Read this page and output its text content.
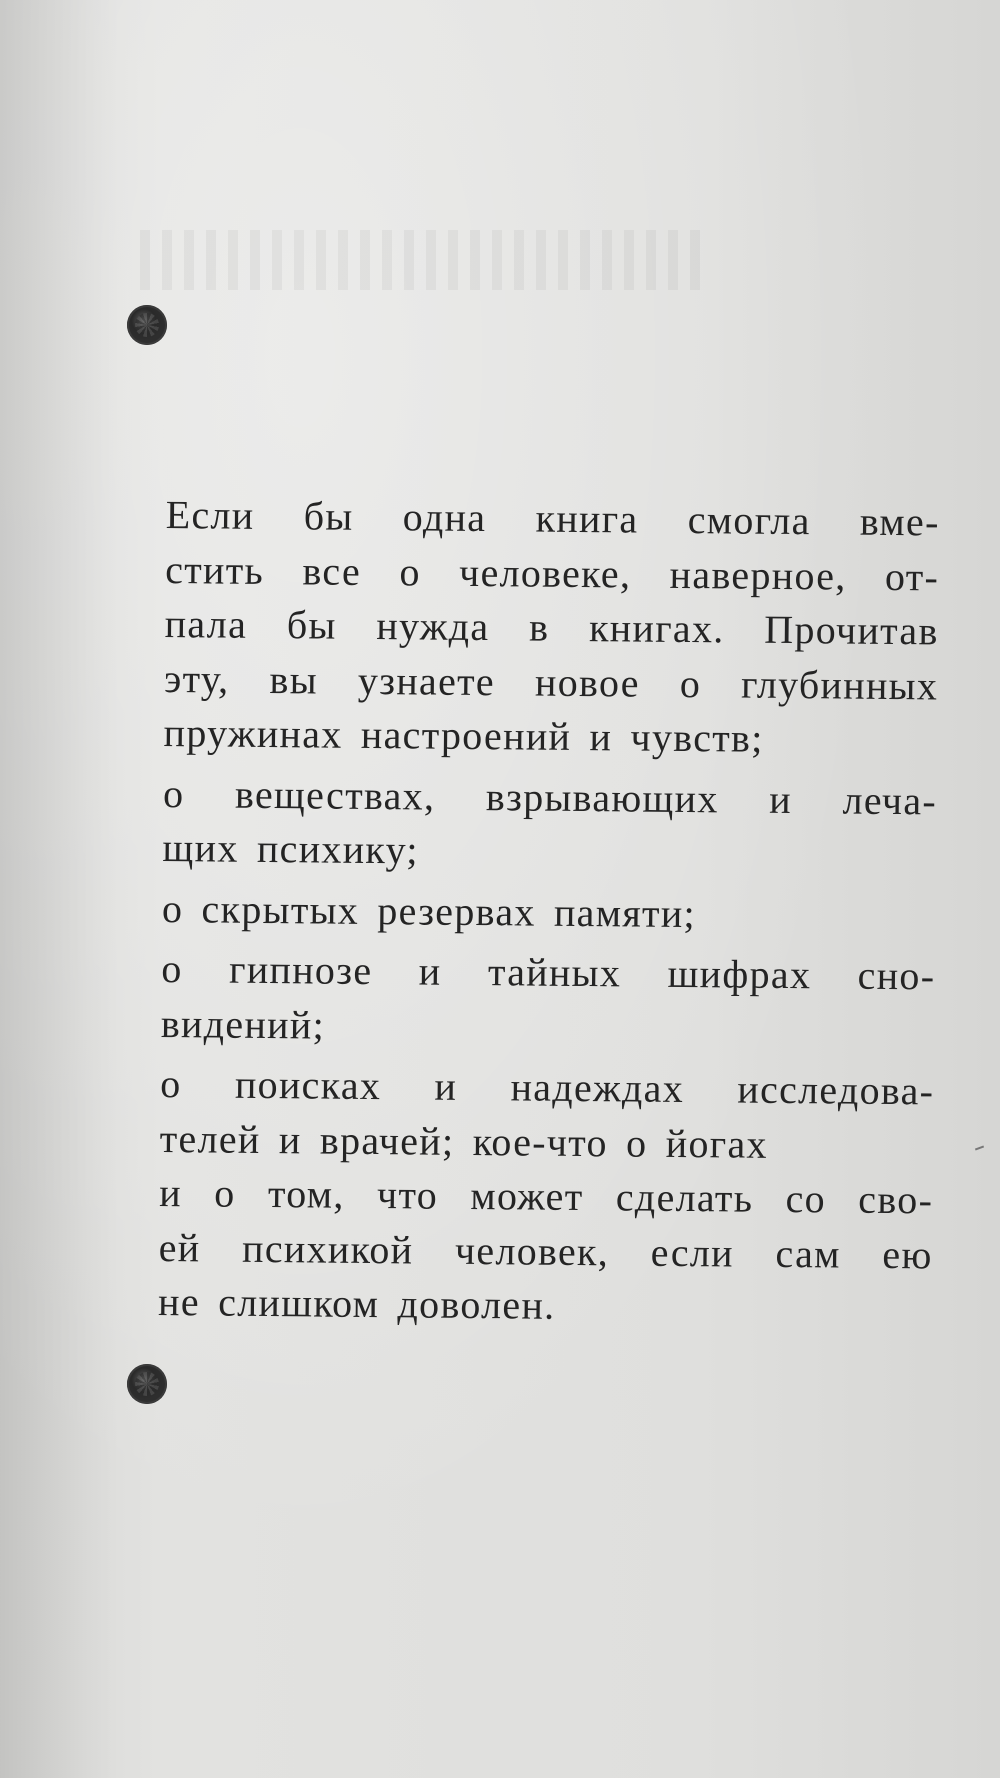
Если бы одна книга смогла вме-
стить все о человеке, наверное, от-
пала бы нужда в книгах. Прочитав
эту, вы узнаете новое о глубинных
пружинах настроений и чувств;
о веществах, взрывающих и леча-
щих психику;
о скрытых резервах памяти;
о гипнозе и тайных шифрах сно-
видений;
о поисках и надеждах исследова-
телей и врачей; кое-что о йогах
и о том, что может сделать со сво-
ей психикой человек, если сам ею
не слишком доволен.
